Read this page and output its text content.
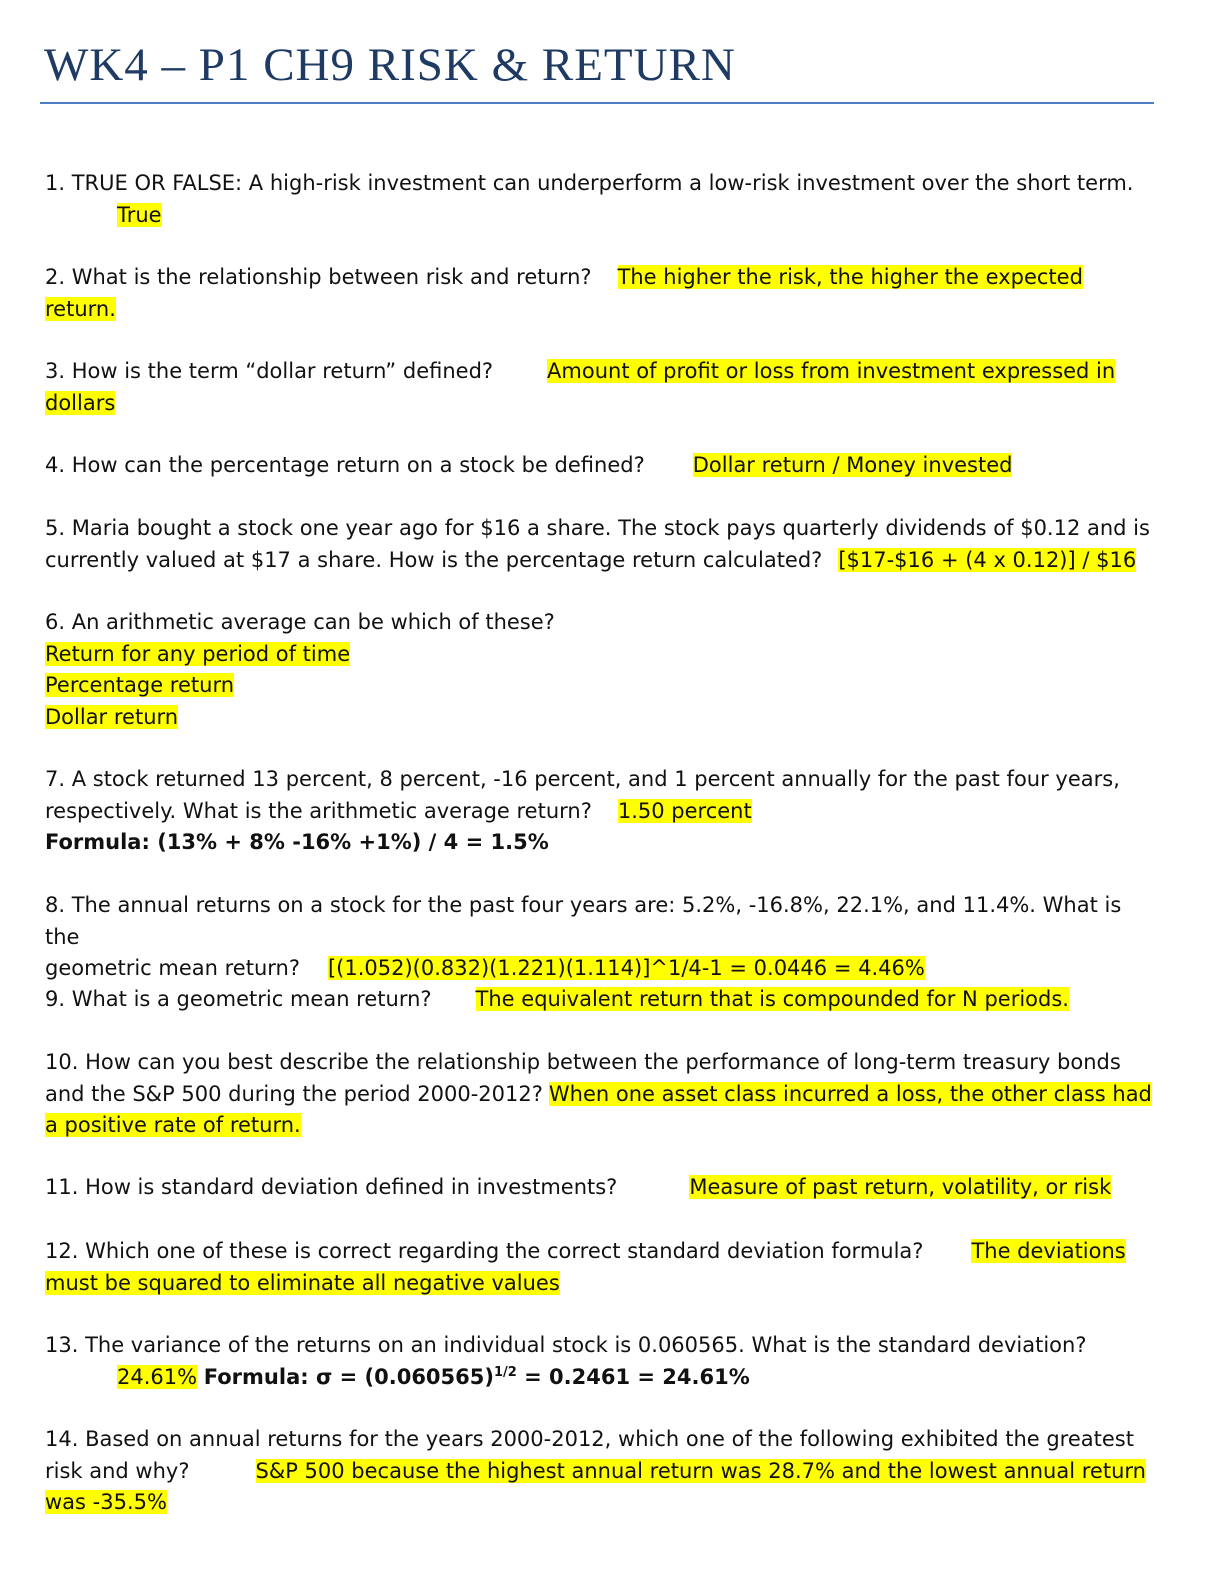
WK4 – P1 CH9 RISK & RETURN
1. TRUE OR FALSE: A high-risk investment can underperform a low-risk investment over the short term.
True
2. What is the relationship between risk and return? The higher the risk, the higher the expected
return.
3. How is the term “dollar return” defined?	Amount of profit or loss from investment expressed in
dollars
4. How can the percentage return on a stock be defined? Dollar return / Money invested
5. Maria bought a stock one year ago for $16 a share. The stock pays quarterly dividends of $0.12 and is
currently valued at $17 a share. How is the percentage return calculated? [$17-$16 + (4 x 0.12)] / $16
6. An arithmetic average can be which of these?
Return for any period of time
Percentage return
Dollar return
7. A stock returned 13 percent, 8 percent, -16 percent, and 1 percent annually for the past four years,
respectively. What is the arithmetic average return? 1.50 percent
Formula: (13% + 8% -16% +1%) / 4 = 1.5%
8. The annual returns on a stock for the past four years are: 5.2%, -16.8%, 22.1%, and 11.4%. What is the
geometric mean return? [(1.052)(0.832)(1.221)(1.114)]^1/4-1 = 0.0446 = 4.46%
9. What is a geometric mean return? The equivalent return that is compounded for N periods.
10. How can you best describe the relationship between the performance of long-term treasury bonds
and the S&P 500 during the period 2000-2012? When one asset class incurred a loss, the other class had
a positive rate of return.
11. How is standard deviation defined in investments?	Measure of past return, volatility, or risk
12. Which one of these is correct regarding the correct standard deviation formula? The deviations
must be squared to eliminate all negative values
13. The variance of the returns on an individual stock is 0.060565. What is the standard deviation?
24.61% Formula: $\sigma = (0.060565)^{1/2} = 0.2461 = 24.61\%$
14. Based on annual returns for the years 2000-2012, which one of the following exhibited the greatest
risk and why?	S&P 500 because the highest annual return was 28.7% and the lowest annual return
was -35.5%
